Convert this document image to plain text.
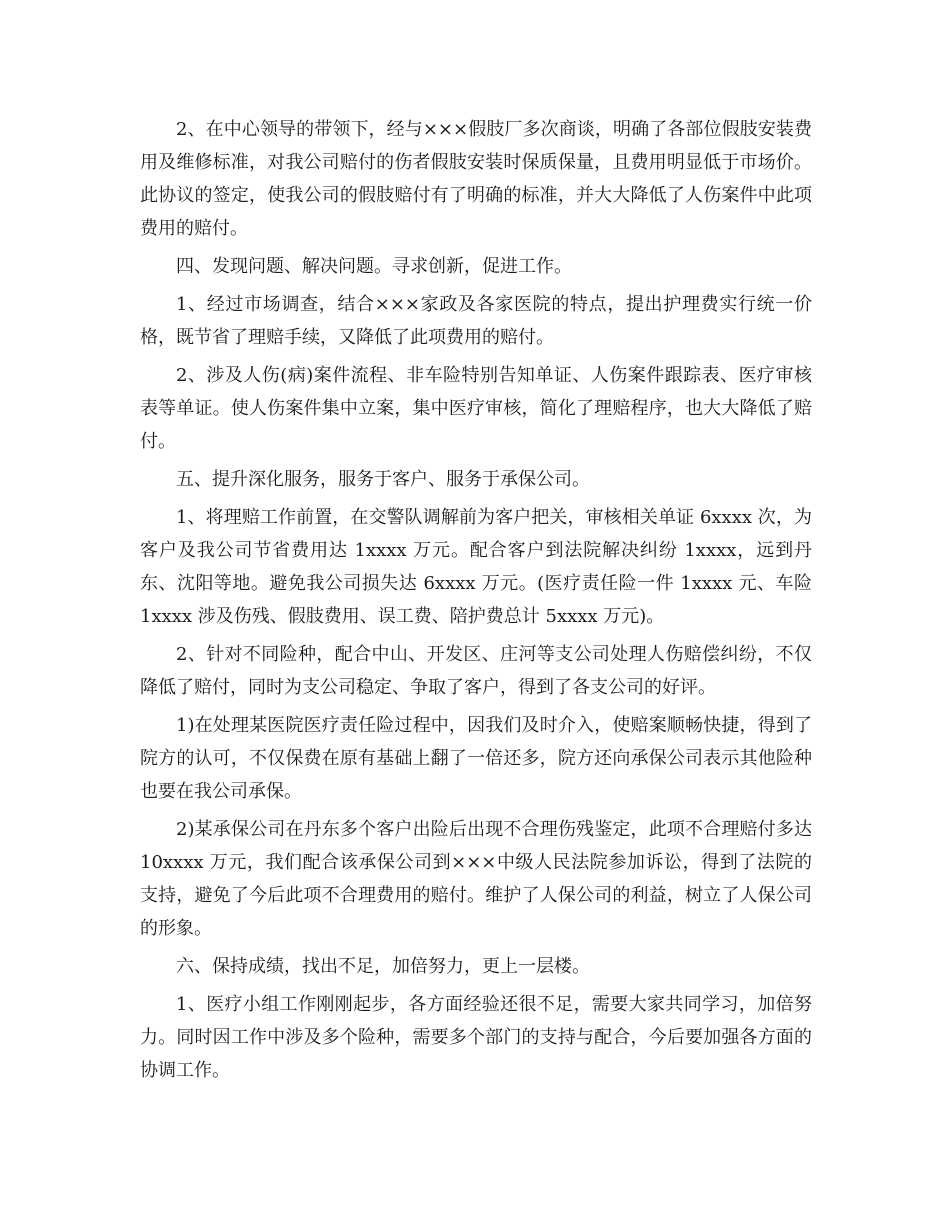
2、在中心领导的带领下，经与×××假肢厂多次商谈，明确了各部位假肢安装费用及维修标准，对我公司赔付的伤者假肢安装时保质保量，且费用明显低于市场价。此协议的签定，使我公司的假肢赔付有了明确的标准，并大大降低了人伤案件中此项费用的赔付。

四、发现问题、解决问题。寻求创新，促进工作。

1、经过市场调查，结合×××家政及各家医院的特点，提出护理费实行统一价格，既节省了理赔手续，又降低了此项费用的赔付。

2、涉及人伤(病)案件流程、非车险特别告知单证、人伤案件跟踪表、医疗审核表等单证。使人伤案件集中立案，集中医疗审核，简化了理赔程序，也大大降低了赔付。

五、提升深化服务，服务于客户、服务于承保公司。

1、将理赔工作前置，在交警队调解前为客户把关，审核相关单证 6xxxx 次，为客户及我公司节省费用达 1xxxx 万元。配合客户到法院解决纠纷 1xxxx，远到丹东、沈阳等地。避免我公司损失达 6xxxx 万元。(医疗责任险一件 1xxxx 元、车险 1xxxx 涉及伤残、假肢费用、误工费、陪护费总计 5xxxx 万元)。

2、针对不同险种，配合中山、开发区、庄河等支公司处理人伤赔偿纠纷，不仅降低了赔付，同时为支公司稳定、争取了客户，得到了各支公司的好评。

1)在处理某医院医疗责任险过程中，因我们及时介入，使赔案顺畅快捷，得到了院方的认可，不仅保费在原有基础上翻了一倍还多，院方还向承保公司表示其他险种也要在我公司承保。

2)某承保公司在丹东多个客户出险后出现不合理伤残鉴定，此项不合理赔付多达 10xxxx 万元，我们配合该承保公司到×××中级人民法院参加诉讼，得到了法院的支持，避免了今后此项不合理费用的赔付。维护了人保公司的利益，树立了人保公司的形象。

六、保持成绩，找出不足，加倍努力，更上一层楼。

1、医疗小组工作刚刚起步，各方面经验还很不足，需要大家共同学习，加倍努力。同时因工作中涉及多个险种，需要多个部门的支持与配合，今后要加强各方面的协调工作。
